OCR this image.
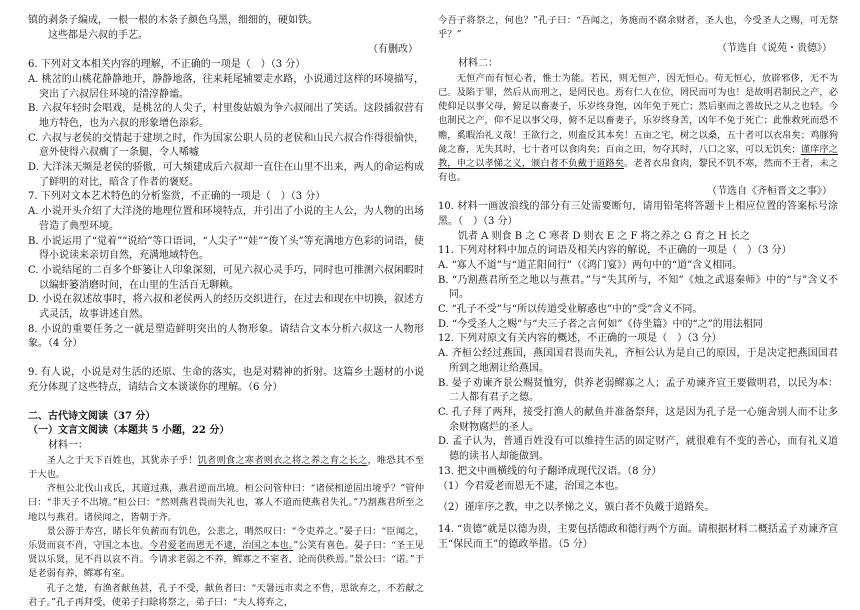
镇的剥条子编成，一根一根的木条子颜色乌黑，细细的，硬如铁。

这些都是六叔的手艺。

（有删改）

6. 下列对文本相关内容的理解，不正确的一项是（　）（3 分）

A. 桃岔的山桃花静静地开，静静地落，往来耗尾辅要走水路，小说通过这样的环境描写，突出了六叔居住环境的清淳静谧。

B. 六叔年轻时会唱戏，是桃岔的人尖子，村里俊姑娘为争六叔闹出了笑话。这段插叙营有地方特色，也为六叔的形象增色添彩。

C. 六叔与老侯的交情起于建坝之时，作为国家公职人员的老侯和山民六叔合作得很愉快，意外使得六叔瘸了一条腿，令人唏嘘

D. 大洋沫天频是老侯的骄傲，可大频建成后六叔却一直住在山里不出来，两人的命运构成了鲜明的对比，暗含了作者的褒贬。

7. 下列对文本艺术特色的分析鉴赏，不正确的一项是（　）（3 分）

A. 小说开头介绍了大洋浇的地理位置和环境特点，并引出了小说的主人公，为人物的出场营造了典型环境。

B. 小说运用了“觉着”“说给”等口语词，“人尖子”“娃”“俊丫头”等充满地方色彩的词语，使得小说读来亲切自然，充满地域特色。

C. 小说结尾的二百多个虾篓让人印象深刻，可见六叔心灵手巧，同时也可推测六叔闲暇时以编虾篓消磨时间，在山里的生活百无聊赖。

D. 小说在叙述故事时，将六叔和老侯两人的经历交织进行，在过去和现在中切换，叙述方式灵活，故事讲述自然。

8. 小说的重要任务之一就是塑造鲜明突出的人物形象。请结合文本分析六叔这一人物形象。（4 分）

9. 有人说，小说是对生活的还原、生命的落实，也是对精神的折射。这篇乡土题材的小说充分体现了这些特点，请结合文本谈谈你的理解。（6 分）

二、古代诗文阅读（37 分）

（一）文言文阅读（本题共 5 小题，22 分）

材料一：

圣人之于天下百姓也，其犹赤子乎！饥者则食之寒者则衣之将之养之育之长之，唯恐其不至于大也。

齐桓公北伐山戎氏，其道过燕，燕君逆而出境。桓公问管仲曰：“诸侯相逆固出境乎？”管仲曰：“非天子不出境。”桓公曰：“然则燕君畏而失礼也，寡人不道而使燕君失礼。”乃割燕君所至之地以与燕君。诸侯闻之，皆朝于齐。

景公游于寿宫，睹长年负薪而有饥色，公悲之，喟然叹曰：“令吏养之。”晏子曰：“臣闻之，乐贤而哀不肖，守国之本也。今君爱老而恩无不逮，治国之本也。”公笑有喜色。晏子曰：“圣王见贤以乐贤，见不肖以哀不肖。今请求老弱之不养，鳏寡之不室者，论而供秩焉。”景公曰：“诺。”于是老弱有养，鳏寡有室。

孔子之楚，有渔者献鱼甚，孔子不受，献鱼者曰：“天暑远市卖之不售，思欲弃之，不若献之君子。”孔子再拜受，使弟子扫除将祭之，弟子曰：“夫人将弃之，

今吾子将祭之，何也？”孔子曰：“吾闻之，务施而不腐余财者，圣人也，今受圣人之赐，可无祭乎？”

（节选自《说苑・贵德》）

材料二：

无恒产而有恒心者，惟士为能。若民，则无恒产，因无恒心。苟无恒心，放辟邪侈，无不为已。及陷于罪，然后从而刑之，是罔民也。焉有仁人在位，罔民而可为也！是故明君制民之产，必使仰足以事父母，俯足以畜妻子，乐岁终身饱，凶年免于死亡；然后驱而之善故民之从之也轻。今也制民之产，仰不足以事父母，俯不足以畜妻子，乐岁终身苦，凶年不免于死亡；此惟救死而恐不赡，奚暇治礼义哉！王欲行之，则盍反其本矣！五亩之宅，树之以桑，五十者可以衣帛矣；鸡豚狗彘之畜，无失其时，七十者可以食肉矣；百亩之田，勿夺其时，八口之家，可以无饥矣；谨庠序之教，申之以孝悌之义，颁白者不负戴于道路矣。老者衣帛食肉，黎民不饥不寒，然而不王者，未之有也。

（节选自《齐桓晋文之事》）

10. 材料一画波浪线的部分有三处需要断句，请用铅笔将答题卡上相应位置的答案标号涂黑。（　）（3 分）

饥者 A 则食 B 之 C 寒者 D 则衣 E 之 F 将之养之 G 育之 H 长之

11. 下列对材料中加点的词语及相关内容的解说，不正确的一项是（　）（3 分）

A. “寡人不道”与“道芷阳间行”（《鸿门宴》）两句中的“道”含义相同。

B. “乃割燕君所至之地以与燕君。”与“失其所与，不知”《烛之武退秦师》中的“与”含义不同。

C. “孔子不受”与“所以传道受业解惑也”中的“受”含义不同。

D. “今受圣人之赐”与“夫三子者之言何如”《侍坐篇》中的“之”的用法相同

12. 下列对原文有关内容的概述，不正确的一项是（　）（3 分）

A. 齐桓公经过燕国，燕国国君畏而失礼，齐桓公认为是自己的原因，于是决定把燕国国君所到之地割让给燕国。

B. 晏子劝谏齐景公赐贤恤穷，供养老弱鳏寡之人；孟子劝谏齐宣王要做明君，以民为本：二人都有君子之德。

C. 孔子拜了两拜，接受打渔人的献鱼并准备祭拜，这是因为孔子是一心施舍别人而不让多余财物腐烂的圣人。

D. 孟子认为，普通百姓没有可以维持生活的固定财产，就很难有不变的善心，而有礼义道德的读书人却能做到。

13. 把文中画横线的句子翻译成现代汉语。（8 分）

（1）今君爱老而恩无不逮，治国之本也。

（2）谨庠序之教，申之以孝悌之义，颁白者不负戴于道路矣。

14. “贵德”就是以德为贵，主要包括德政和德行两个方面。请根据材料二概括孟子劝谏齐宣王“保民而王”的德政举措。（5 分）
